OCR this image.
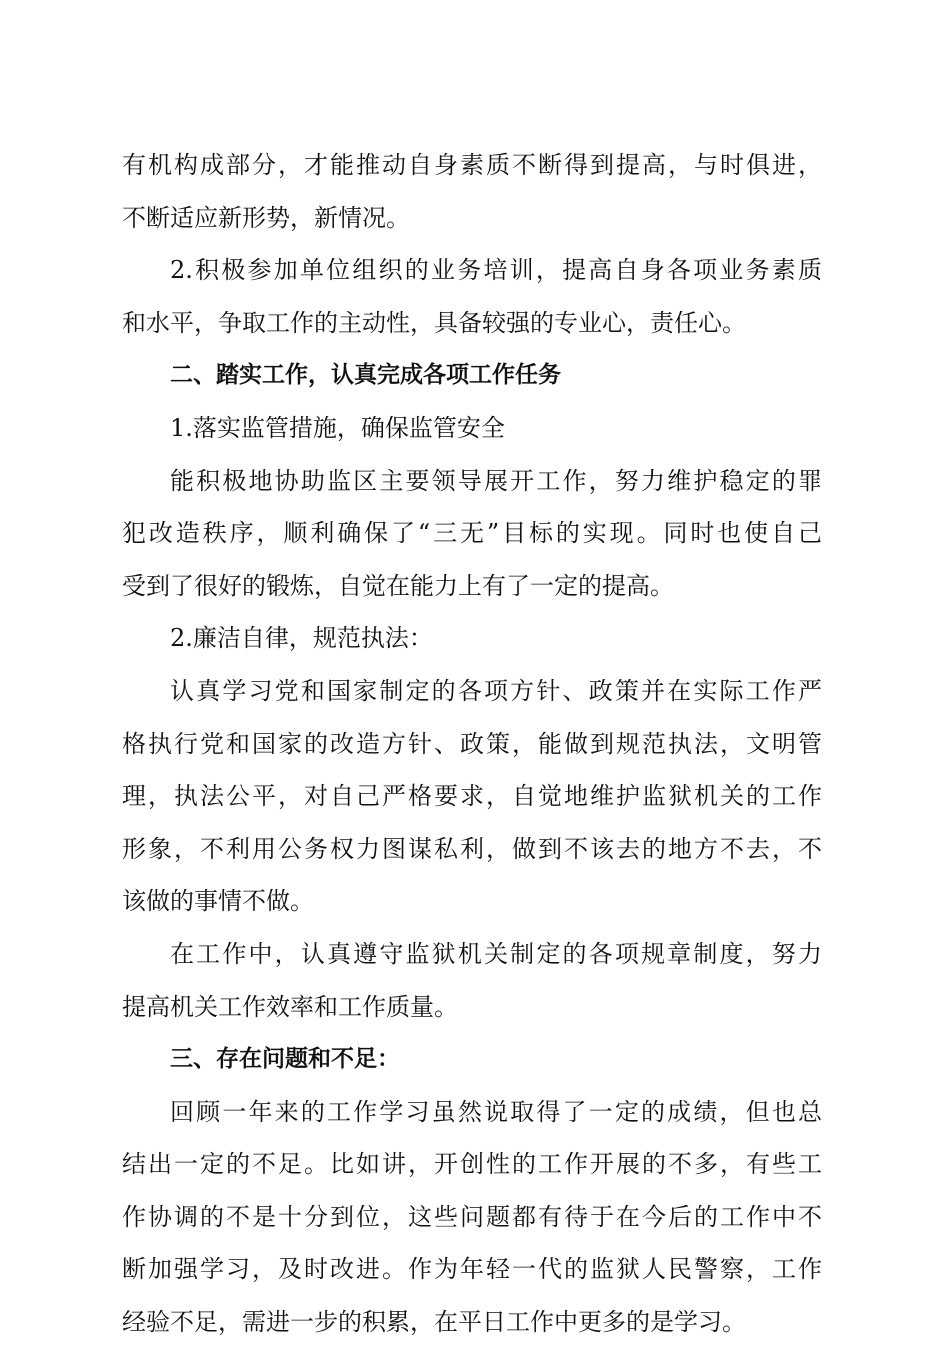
有机构成部分，才能推动自身素质不断得到提高，与时俱进，
不断适应新形势，新情况。
2.积极参加单位组织的业务培训，提高自身各项业务素质
和水平，争取工作的主动性，具备较强的专业心，责任心。
二、踏实工作，认真完成各项工作任务
1.落实监管措施，确保监管安全
能积极地协助监区主要领导展开工作，努力维护稳定的罪
犯改造秩序，顺利确保了“三无”目标的实现。同时也使自己
受到了很好的锻炼，自觉在能力上有了一定的提高。
2.廉洁自律，规范执法：
认真学习党和国家制定的各项方针、政策并在实际工作严
格执行党和国家的改造方针、政策，能做到规范执法，文明管
理，执法公平，对自己严格要求，自觉地维护监狱机关的工作
形象，不利用公务权力图谋私利，做到不该去的地方不去，不
该做的事情不做。
在工作中，认真遵守监狱机关制定的各项规章制度，努力
提高机关工作效率和工作质量。
三、存在问题和不足：
回顾一年来的工作学习虽然说取得了一定的成绩，但也总
结出一定的不足。比如讲，开创性的工作开展的不多，有些工
作协调的不是十分到位，这些问题都有待于在今后的工作中不
断加强学习，及时改进。作为年轻一代的监狱人民警察，工作
经验不足，需进一步的积累，在平日工作中更多的是学习。
